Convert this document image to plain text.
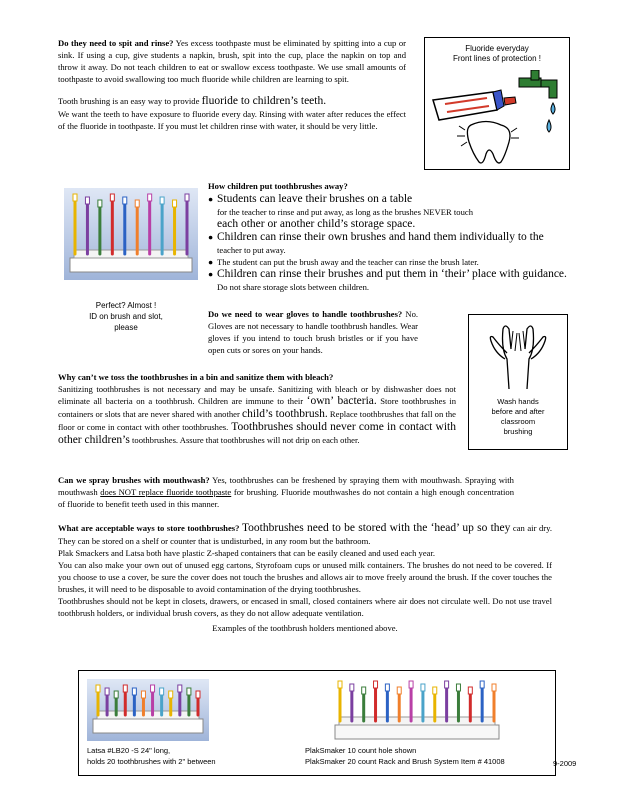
Do they need to spit and rinse? Yes excess toothpaste must be eliminated by spitting into a cup or sink. If using a cup, give students a napkin, brush, spit into the cup, place the napkin on top and throw it away. Do not teach children to eat or swallow excess toothpaste. We use small amounts of toothpaste to avoid swallowing too much fluoride while children are learning to spit.

Tooth brushing is an easy way to provide fluoride to children’s teeth.

We want the teeth to have exposure to fluoride every day. Rinsing with water after reduces the effect of the fluoride in toothpaste. If you must let children rinse with water, it should be very little.

Fluoride everyday
Front lines of protection !

How children put toothbrushes away?

● Students can leave their brushes on a table
for the teacher to rinse and put away, as long as the brushes NEVER touch
each other or another child’s storage space.
● Children can rinse their own brushes and hand them individually to the
teacher to put away.
● The student can put the brush away and the teacher can rinse the brush later.
● Children can rinse their brushes and put them in ‘their’ place with guidance.
Do not share storage slots between children.
Perfect? Almost !
ID on brush and slot,
please

Do we need to wear gloves to handle toothbrushes? No. Gloves are not necessary to handle toothbrush handles. Wear gloves if you intend to touch brush bristles or if you have open cuts or sores on your hands.

Wash hands
before and after
classroom
brushing

Why can’t we toss the toothbrushes in a bin and sanitize them with bleach?
Sanitizing toothbrushes is not necessary and may be unsafe. Sanitizing with bleach or by dishwasher does not eliminate all bacteria on a toothbrush. Children are immune to their ‘own’ bacteria. Store toothbrushes in containers or slots that are never shared with another child’s toothbrush. Replace toothbrushes that fall on the floor or come in contact with other toothbrushes. Toothbrushes should never come in contact with other children’s toothbrushes. Assure that toothbrushes will not drip on each other.

Can we spray brushes with mouthwash? Yes, toothbrushes can be freshened by spraying them with mouthwash. Spraying with mouthwash does NOT replace fluoride toothpaste for brushing. Fluoride mouthwashes do not contain a high enough concentration of fluoride to benefit teeth used in this manner.

What are acceptable ways to store toothbrushes? Toothbrushes need to be stored with the ‘head’ up so they can air dry. They can be stored on a shelf or counter that is undisturbed, in any room but the bathroom.

Plak Smackers and Latsa both have plastic Z-shaped containers that can be easily cleaned and used each year.

You can also make your own out of unused egg cartons, Styrofoam cups or unused milk containers. The brushes do not need to be covered. If you choose to use a cover, be sure the cover does not touch the brushes and allows air to move freely around the brush. If the cover touches the brushes, it will need to be disposable to avoid contamination of the drying toothbrushes.

Toothbrushes should not be kept in closets, drawers, or encased in small, closed containers where air does not circulate well. Do not use travel toothbrush holders, or individual brush covers, as they do not allow adequate ventilation.

Examples of the toothbrush holders mentioned above.

Latsa #LB20 -S 24" long,
holds 20 toothbrushes with 2" between
PlakSmaker 10 count hole shown
PlakSmaker 20 count Rack and Brush System Item # 41008	9-2009
